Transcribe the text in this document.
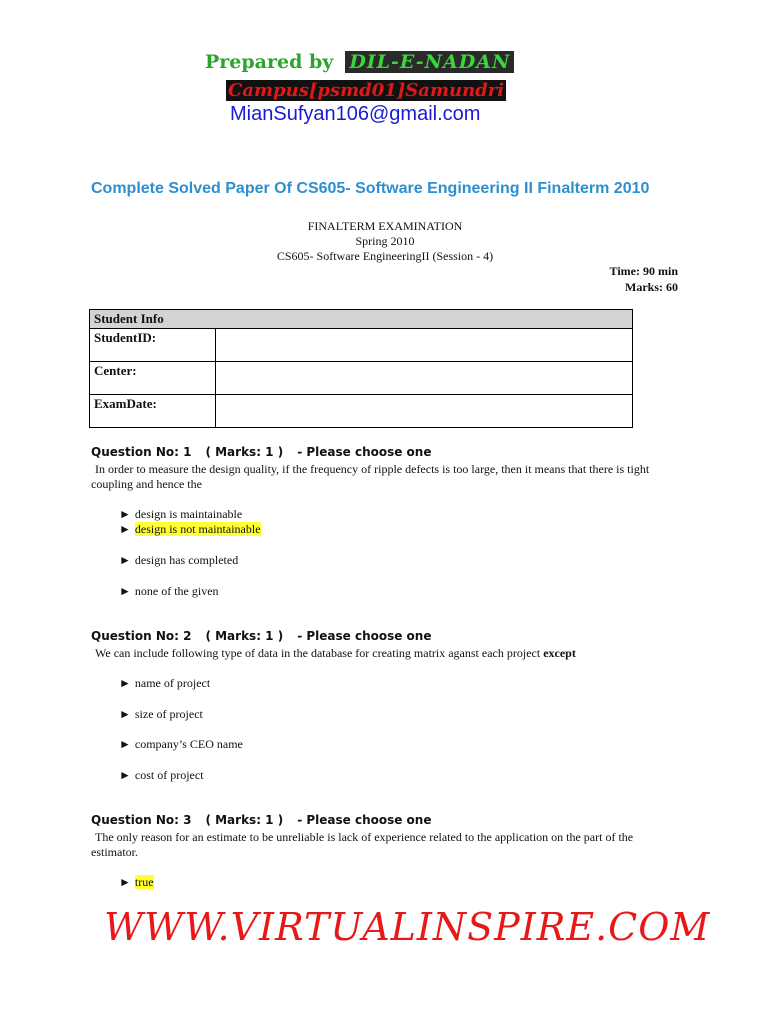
Prepared by DIL-E-NADAN
Campus[psmd01]Samundri
MianSufyan106@gmail.com
Complete Solved Paper Of CS605- Software Engineering II Finalterm 2010
FINALTERM EXAMINATION
Spring 2010
CS605- Software EngineeringII (Session - 4)
Time: 90 min
Marks: 60
Student Info	
StudentID:	
Center:	
ExamDate:	
Question No: 1 ( Marks: 1 ) - Please choose one
In order to measure the design quality, if the frequency of ripple defects is too large, then it means that there is tight coupling and hence the
► design is maintainable
► design is not maintainable
► design has completed
► none of the given
Question No: 2 ( Marks: 1 ) - Please choose one
We can include following type of data in the database for creating matrix aganst each project except
► name of project
► size of project
► company’s CEO name
► cost of project
Question No: 3 ( Marks: 1 ) - Please choose one
The only reason for an estimate to be unreliable is lack of experience related to the application on the part of the estimator.
► true
WWW.VIRTUALINSPIRE.COM
